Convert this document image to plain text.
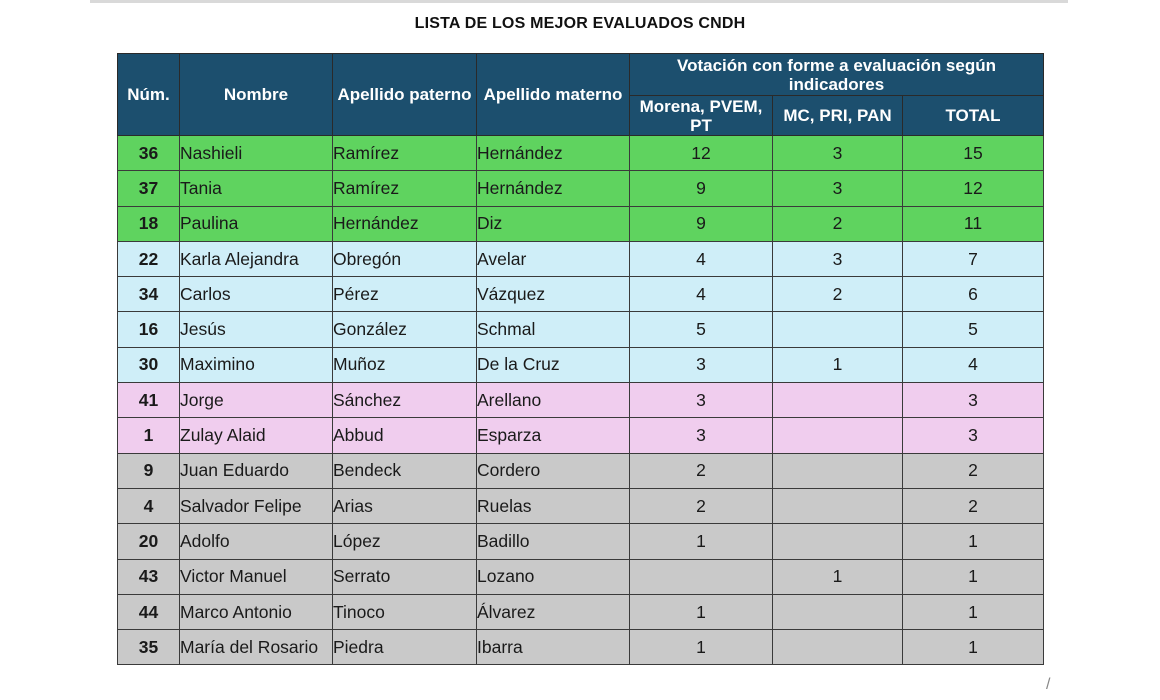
LISTA DE LOS MEJOR EVALUADOS CNDH
Núm.	Nombre	Apellido paterno	Apellido materno	Votación con forme a evaluación según indicadores		
				Morena, PVEM, PT	MC, PRI, PAN	TOTAL
36	Nashieli	Ramírez	Hernández	12	3	15
37	Tania	Ramírez	Hernández	9	3	12
18	Paulina	Hernández	Diz	9	2	11
22	Karla Alejandra	Obregón	Avelar	4	3	7
34	Carlos	Pérez	Vázquez	4	2	6
16	Jesús	González	Schmal	5		5
30	Maximino	Muñoz	De la Cruz	3	1	4
41	Jorge	Sánchez	Arellano	3		3
1	Zulay Alaid	Abbud	Esparza	3		3
9	Juan Eduardo	Bendeck	Cordero	2		2
4	Salvador Felipe	Arias	Ruelas	2		2
20	Adolfo	López	Badillo	1		1
43	Victor Manuel	Serrato	Lozano		1	1
44	Marco Antonio	Tinoco	Álvarez	1		1
35	María del Rosario	Piedra	Ibarra	1		1
/
